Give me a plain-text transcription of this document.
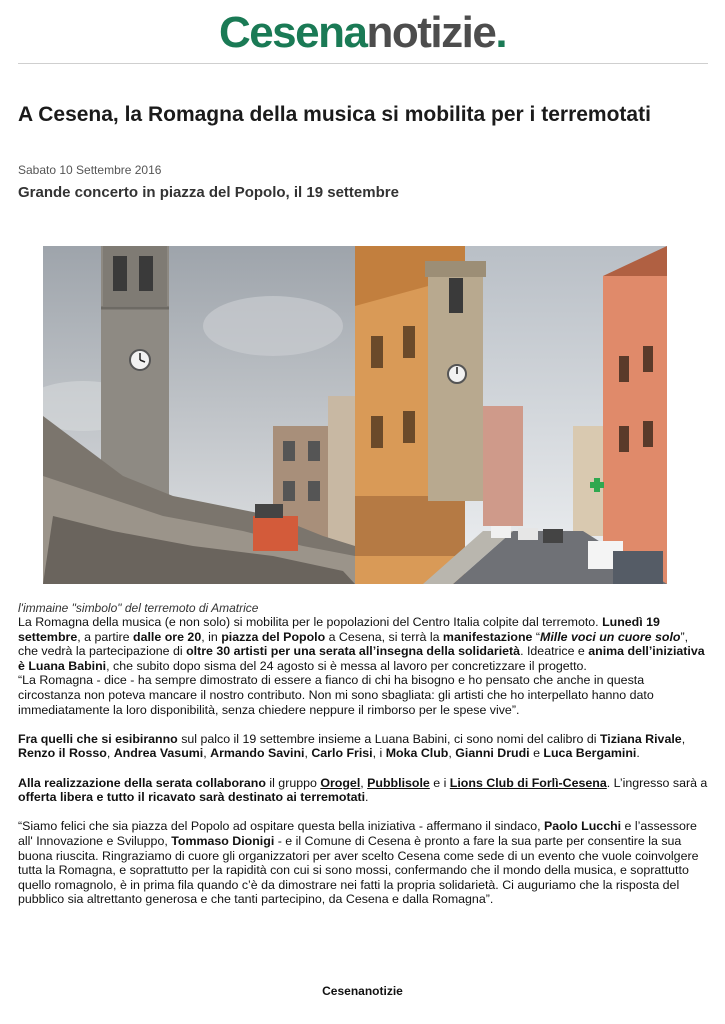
Cesenanotizie.
A Cesena, la Romagna della musica si mobilita per i terremotati
Sabato 10 Settembre 2016
Grande concerto in piazza del Popolo, il 19 settembre
l'immaine "simbolo" del terremoto di Amatrice

La Romagna della musica (e non solo) si mobilita per le popolazioni del Centro Italia colpite dal terremoto. Lunedì 19 settembre, a partire dalle ore 20, in piazza del Popolo a Cesena, si terrà la manifestazione “Mille voci un cuore solo”, che vedrà la partecipazione di oltre 30 artisti per una serata all’insegna della solidarietà. Ideatrice e anima dell’iniziativa è Luana Babini, che subito dopo sisma del 24 agosto si è messa al lavoro per concretizzare il progetto.
“La Romagna - dice - ha sempre dimostrato di essere a fianco di chi ha bisogno e ho pensato che anche in questa circostanza non poteva mancare il nostro contributo. Non mi sono sbagliata: gli artisti che ho interpellato hanno dato immediatamente la loro disponibilità, senza chiedere neppure il rimborso per le spese vive”.

Fra quelli che si esibiranno sul palco il 19 settembre insieme a Luana Babini, ci sono nomi del calibro di Tiziana Rivale, Renzo il Rosso, Andrea Vasumi, Armando Savini, Carlo Frisi, i Moka Club, Gianni Drudi e Luca Bergamini.

Alla realizzazione della serata collaborano il gruppo Orogel, Pubblisole e i Lions Club di Forlì-Cesena. L’ingresso sarà a offerta libera e tutto il ricavato sarà destinato ai terremotati.

“Siamo felici che sia piazza del Popolo ad ospitare questa bella iniziativa - affermano il sindaco, Paolo Lucchi e l’assessore all' Innovazione e Sviluppo, Tommaso Dionigi - e il Comune di Cesena è pronto a fare la sua parte per consentire la sua buona riuscita. Ringraziamo di cuore gli organizzatori per aver scelto Cesena come sede di un evento che vuole coinvolgere tutta la Romagna, e soprattutto per la rapidità con cui si sono mossi, confermando che il mondo della musica, e soprattutto quello romagnolo, è in prima fila quando c’è da dimostrare nei fatti la propria solidarietà. Ci auguriamo che la risposta del pubblico sia altrettanto generosa e che tanti partecipino, da Cesena e dalla Romagna”.

Cesenanotizie
